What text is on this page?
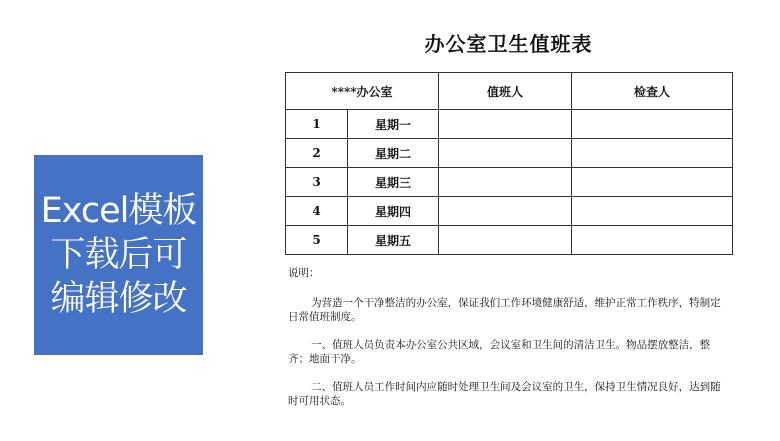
Excel模板
下载后可
编辑修改
办公室卫生值班表
****办公室		值班人	检查人
1	星期一		
2	星期二		
3	星期三		
4	星期四		
5	星期五		
说明：

为营造一个干净整洁的办公室，保证我们工作环境健康舒适，维护正常工作秩序，特制定日常值班制度。

一、值班人员负责本办公室公共区域，会议室和卫生间的清洁卫生。物品摆放整洁，整齐；地面干净。

二、值班人员工作时间内应随时处理卫生间及会议室的卫生，保持卫生情况良好，达到随时可用状态。
